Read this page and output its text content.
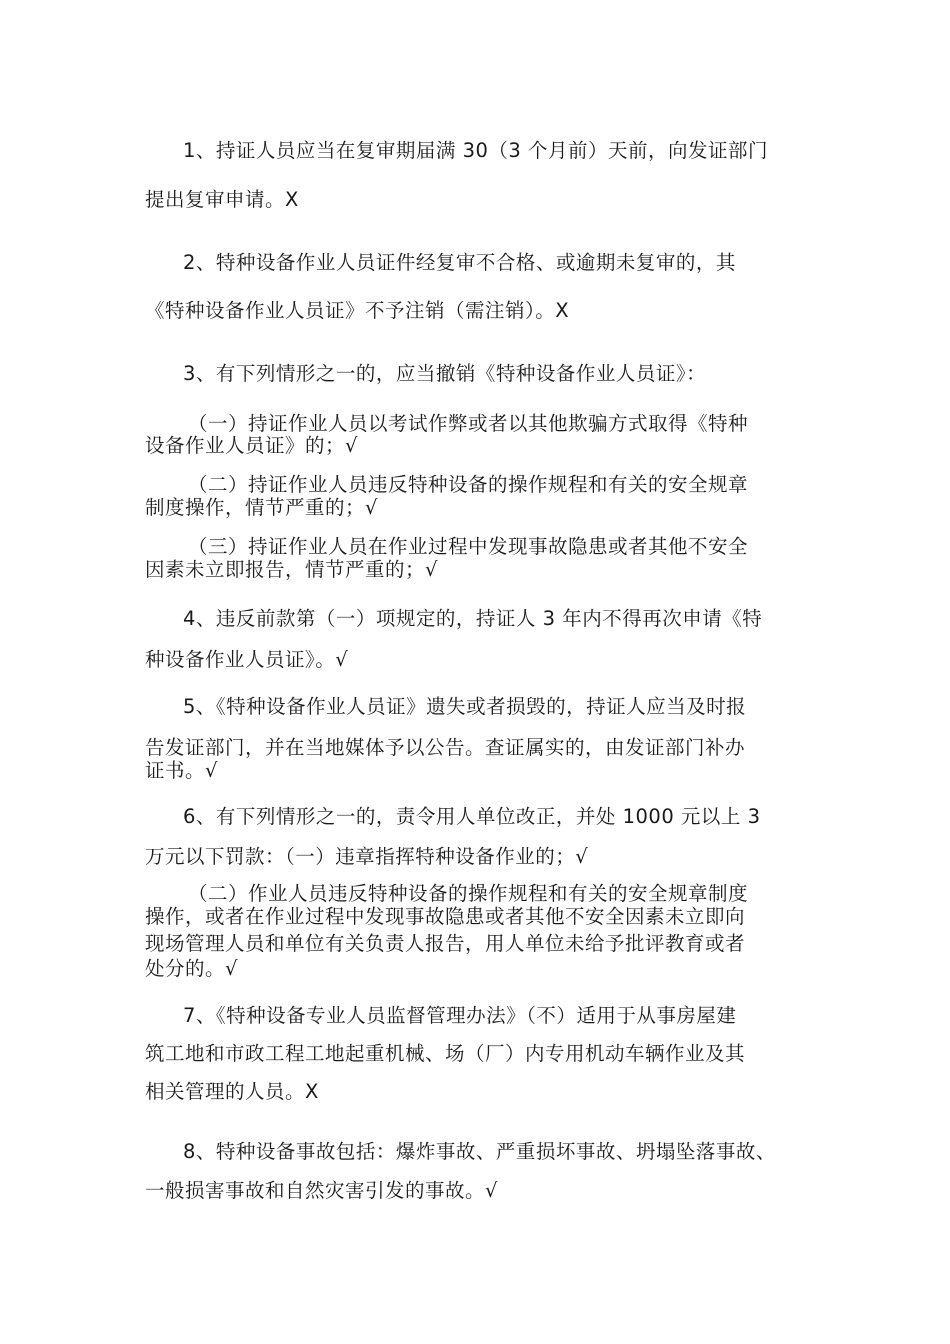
1、持证人员应当在复审期届满 30（3 个月前）天前，向发证部门
提出复审申请。X
2、特种设备作业人员证件经复审不合格、或逾期未复审的，其
《特种设备作业人员证》不予注销（需注销）。X
3、有下列情形之一的，应当撤销《特种设备作业人员证》：
（一）持证作业人员以考试作弊或者以其他欺骗方式取得《特种
设备作业人员证》的；√
（二）持证作业人员违反特种设备的操作规程和有关的安全规章
制度操作，情节严重的；√
（三）持证作业人员在作业过程中发现事故隐患或者其他不安全
因素未立即报告，情节严重的；√
4、违反前款第（一）项规定的，持证人 3 年内不得再次申请《特
种设备作业人员证》。√
5、《特种设备作业人员证》遗失或者损毁的，持证人应当及时报
告发证部门，并在当地媒体予以公告。查证属实的，由发证部门补办
证书。√
6、有下列情形之一的，责令用人单位改正，并处 1000 元以上 3
万元以下罚款：（一）违章指挥特种设备作业的；√
（二）作业人员违反特种设备的操作规程和有关的安全规章制度
操作，或者在作业过程中发现事故隐患或者其他不安全因素未立即向
现场管理人员和单位有关负责人报告，用人单位未给予批评教育或者
处分的。√
7、《特种设备专业人员监督管理办法》（不）适用于从事房屋建
筑工地和市政工程工地起重机械、场（厂）内专用机动车辆作业及其
相关管理的人员。X
8、特种设备事故包括：爆炸事故、严重损坏事故、坍塌坠落事故、
一般损害事故和自然灾害引发的事故。√
